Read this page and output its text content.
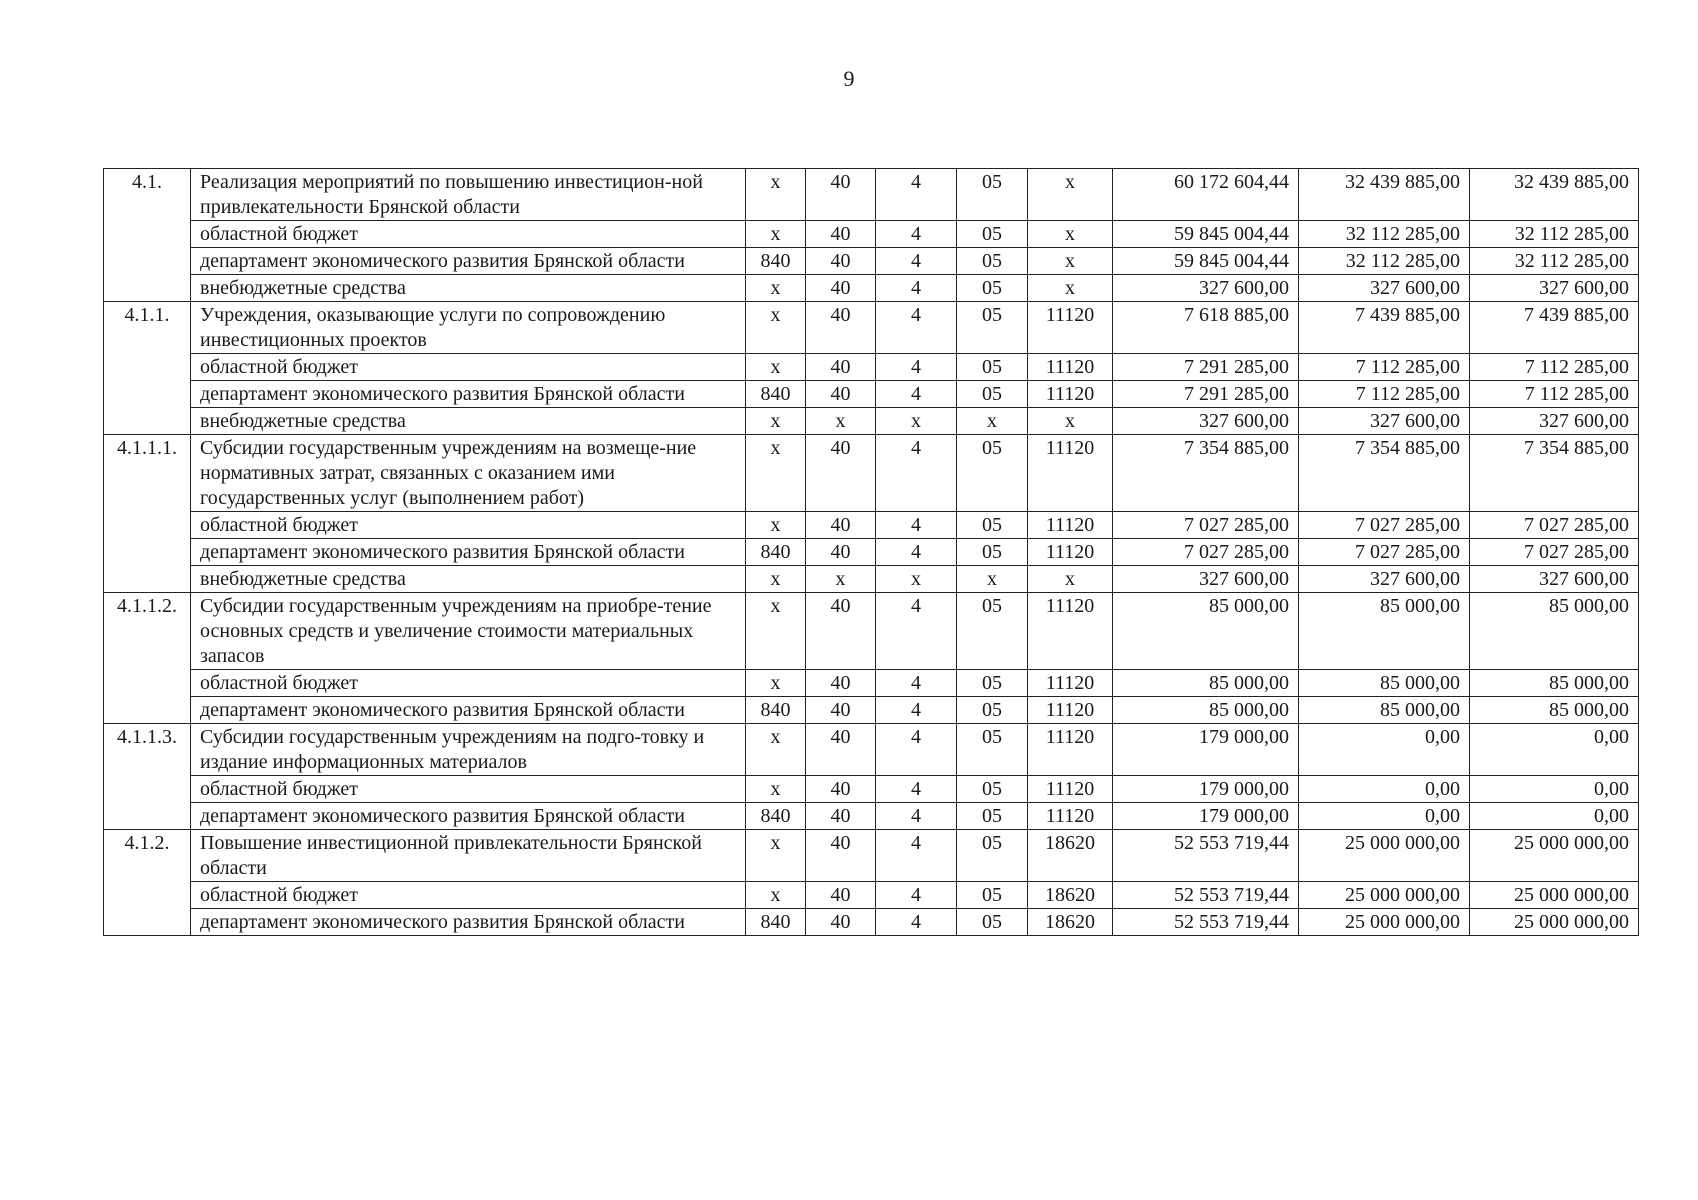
9
4.1.	Реализация мероприятий по повышению инвестицион-ной привлекательности Брянской области	х	40	4	05	х	60 172 604,44	32 439 885,00	32 439 885,00
	областной бюджет	х	40	4	05	х	59 845 004,44	32 112 285,00	32 112 285,00
	департамент экономического развития Брянской области	840	40	4	05	х	59 845 004,44	32 112 285,00	32 112 285,00
	внебюджетные средства	х	40	4	05	х	327 600,00	327 600,00	327 600,00
4.1.1.	Учреждения, оказывающие услуги по сопровождению инвестиционных проектов	х	40	4	05	11120	7 618 885,00	7 439 885,00	7 439 885,00
	областной бюджет	х	40	4	05	11120	7 291 285,00	7 112 285,00	7 112 285,00
	департамент экономического развития Брянской области	840	40	4	05	11120	7 291 285,00	7 112 285,00	7 112 285,00
	внебюджетные средства	х	х	х	х	х	327 600,00	327 600,00	327 600,00
4.1.1.1.	Субсидии государственным учреждениям на возмеще-ние нормативных затрат, связанных с оказанием ими государственных услуг (выполнением работ)	х	40	4	05	11120	7 354 885,00	7 354 885,00	7 354 885,00
	областной бюджет	х	40	4	05	11120	7 027 285,00	7 027 285,00	7 027 285,00
	департамент экономического развития Брянской области	840	40	4	05	11120	7 027 285,00	7 027 285,00	7 027 285,00
	внебюджетные средства	х	х	х	х	х	327 600,00	327 600,00	327 600,00
4.1.1.2.	Субсидии государственным учреждениям на приобре-тение основных средств и увеличение стоимости материальных запасов	х	40	4	05	11120	85 000,00	85 000,00	85 000,00
	областной бюджет	х	40	4	05	11120	85 000,00	85 000,00	85 000,00
	департамент экономического развития Брянской области	840	40	4	05	11120	85 000,00	85 000,00	85 000,00
4.1.1.3.	Субсидии государственным учреждениям на подго-товку и издание информационных материалов	х	40	4	05	11120	179 000,00	0,00	0,00
	областной бюджет	х	40	4	05	11120	179 000,00	0,00	0,00
	департамент экономического развития Брянской области	840	40	4	05	11120	179 000,00	0,00	0,00
4.1.2.	Повышение инвестиционной привлекательности Брянской области	х	40	4	05	18620	52 553 719,44	25 000 000,00	25 000 000,00
	областной бюджет	х	40	4	05	18620	52 553 719,44	25 000 000,00	25 000 000,00
	департамент экономического развития Брянской области	840	40	4	05	18620	52 553 719,44	25 000 000,00	25 000 000,00
